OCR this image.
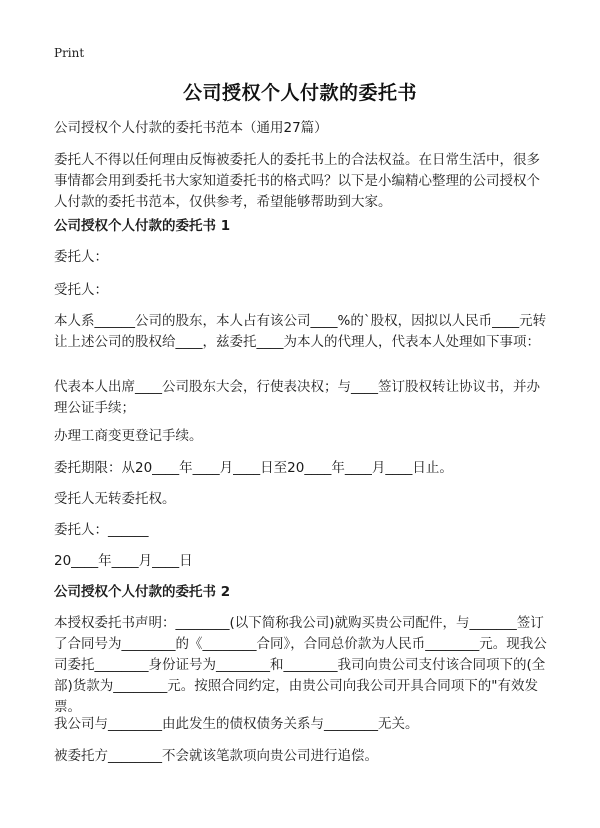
Print
公司授权个人付款的委托书
公司授权个人付款的委托书范本（通用27篇）
委托人不得以任何理由反悔被委托人的委托书上的合法权益。在日常生活中，很多事情都会用到委托书大家知道委托书的格式吗？以下是小编精心整理的公司授权个人付款的委托书范本，仅供参考，希望能够帮助到大家。
公司授权个人付款的委托书 1
委托人：
受托人：
本人系______公司的股东，本人占有该公司____%的`股权，因拟以人民币____元转让上述公司的股权给____，兹委托____为本人的代理人，代表本人处理如下事项：
代表本人出席____公司股东大会，行使表决权；与____签订股权转让协议书，并办理公证手续；
办理工商变更登记手续。
委托期限：从20____年____月____日至20____年____月____日止。
受托人无转委托权。
委托人：______
20____年____月____日
公司授权个人付款的委托书 2
本授权委托书声明：________(以下简称我公司)就购买贵公司配件，与_______签订了合同号为________的《________合同》，合同总价款为人民币________元。现我公司委托________身份证号为________和________我司向贵公司支付该合同项下的(全部)货款为________元。按照合同约定，由贵公司向我公司开具合同项下的"有效发票。
我公司与________由此发生的债权债务关系与________无关。
被委托方________不会就该笔款项向贵公司进行追偿。
